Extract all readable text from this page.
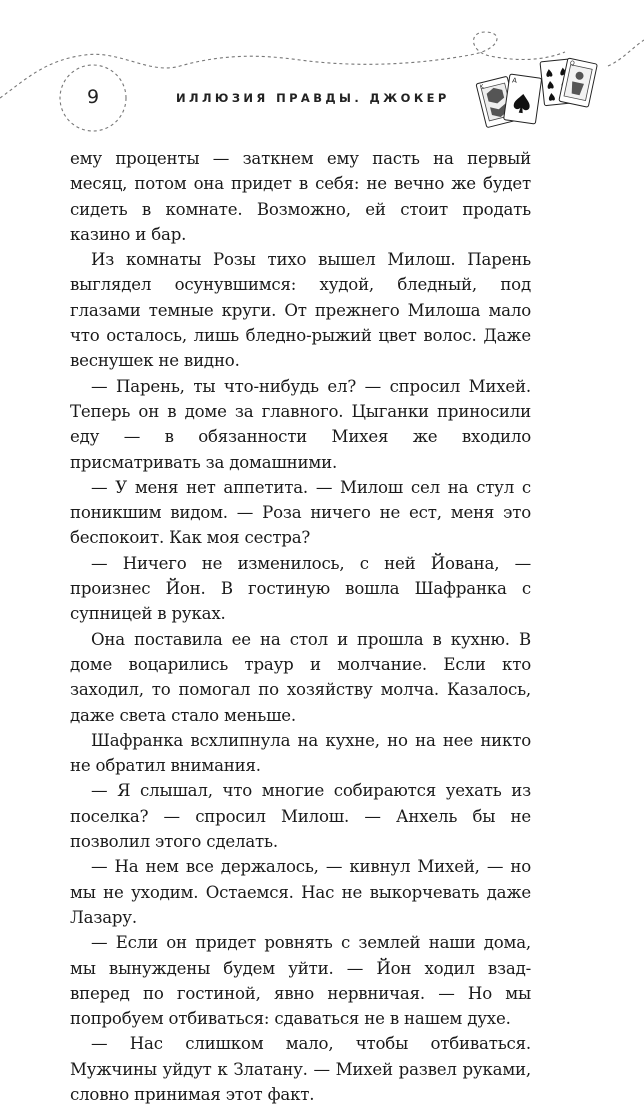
K
A
Q
9	ИЛЛЮЗИЯ ПРАВДЫ. ДЖОКЕР

ему проценты — заткнем ему пасть на первый месяц, потом она придет в себя: не вечно же будет сидеть в комнате. Возможно, ей стоит продать казино и бар.

Из комнаты Розы тихо вышел Милош. Парень выглядел осунувшимся: худой, бледный, под глазами темные круги. От прежнего Милоша мало что осталось, лишь бледно-рыжий цвет волос. Даже веснушек не видно.

— Парень, ты что-нибудь ел? — спросил Михей. Теперь он в доме за главного. Цыганки приносили еду — в обязанности Михея же входило присматривать за домашними.

— У меня нет аппетита. — Милош сел на стул с поникшим видом. — Роза ничего не ест, меня это беспокоит. Как моя сестра?

— Ничего не изменилось, с ней Йована, — произнес Йон. В гостиную вошла Шафранка с супницей в руках.

Она поставила ее на стол и прошла в кухню. В доме воцарились траур и молчание. Если кто заходил, то помогал по хозяйству молча. Казалось, даже света стало меньше.

Шафранка всхлипнула на кухне, но на нее никто не обратил внимания.

— Я слышал, что многие собираются уехать из поселка? — спросил Милош. — Анхель бы не позволил этого сделать.

— На нем все держалось, — кивнул Михей, — но мы не уходим. Остаемся. Нас не выкорчевать даже Лазару.

— Если он придет ровнять с землей наши дома, мы вынуждены будем уйти. — Йон ходил взад-вперед по гостиной, явно нервничая. — Но мы попробуем отбиваться: сдаваться не в нашем духе.

— Нас слишком мало, чтобы отбиваться. Мужчины уйдут к Златану. — Михей развел руками, словно принимая этот факт.
